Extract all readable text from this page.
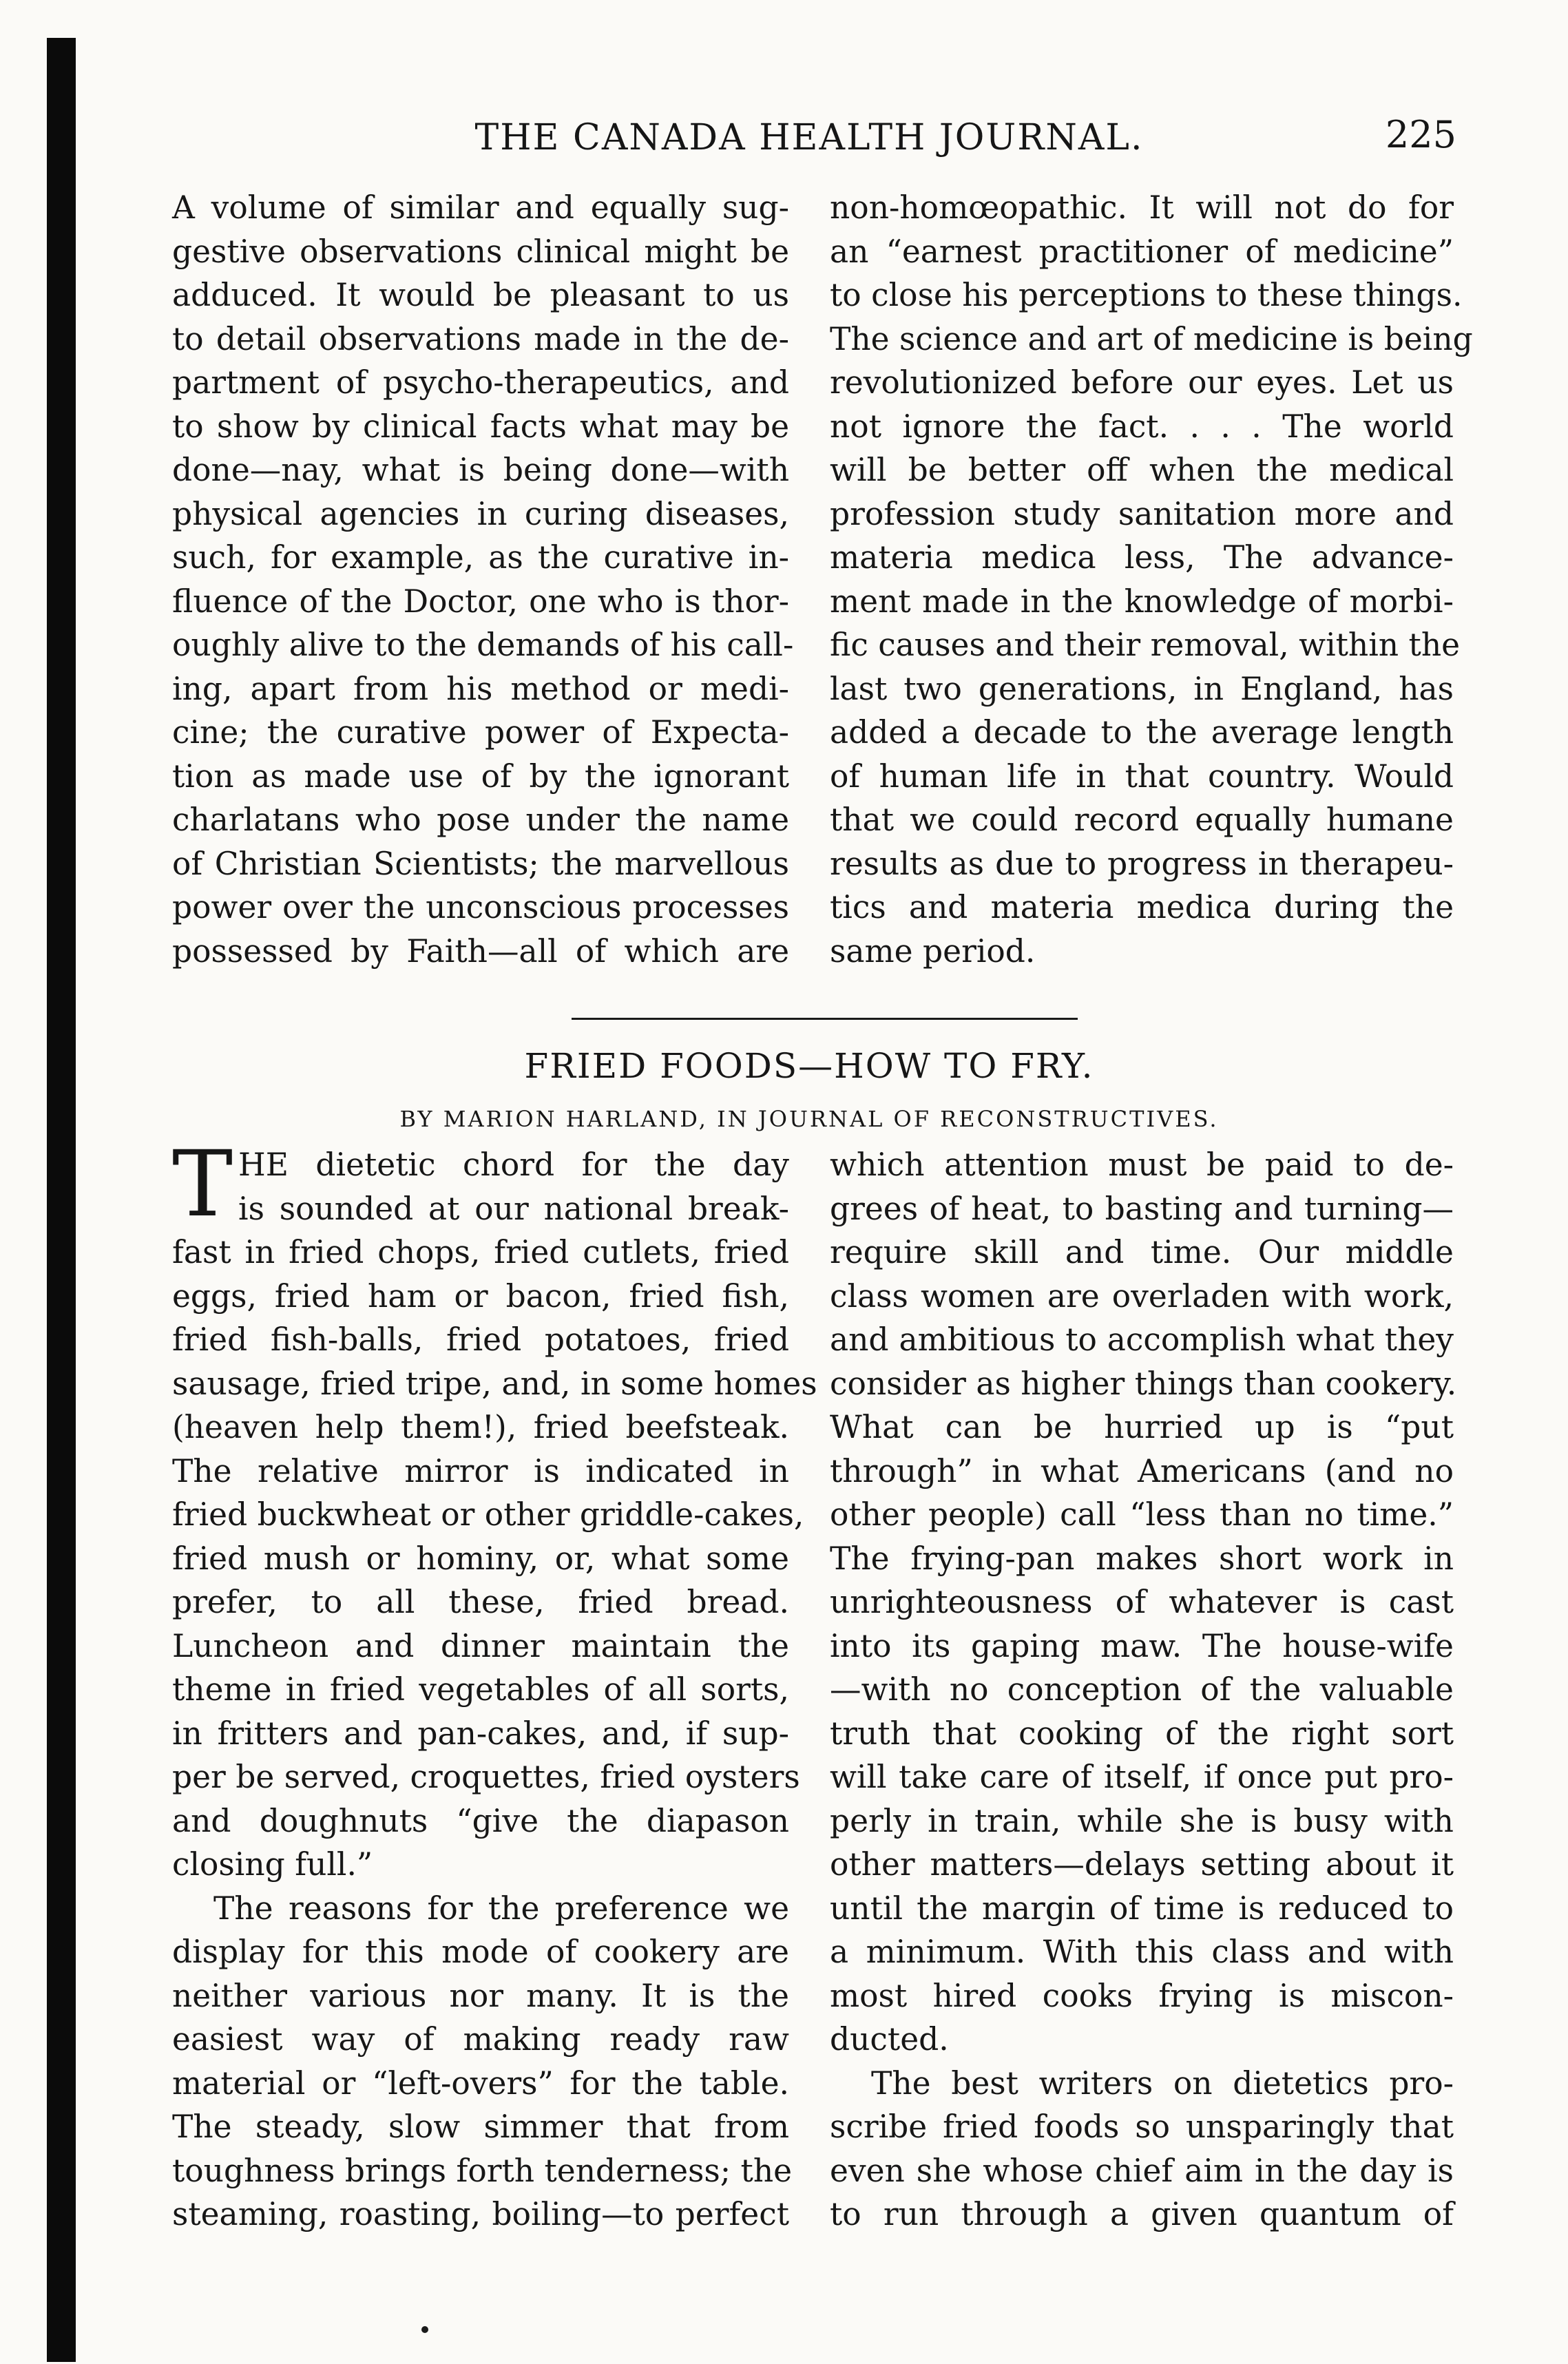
THE CANADA HEALTH JOURNAL.	225
A volume of similar and equally sug-
gestive observations clinical might be
adduced. It would be pleasant to us
to detail observations made in the de-
partment of psycho-therapeutics, and
to show by clinical facts what may be
done—nay, what is being done—with
physical agencies in curing diseases,
such, for example, as the curative in-
fluence of the Doctor, one who is thor-
oughly alive to the demands of his call-
ing, apart from his method or medi-
cine; the curative power of Expecta-
tion as made use of by the ignorant
charlatans who pose under the name
of Christian Scientists; the marvellous
power over the unconscious processes
possessed by Faith—all of which are
non-homœopathic. It will not do for
an “earnest practitioner of medicine”
to close his perceptions to these things.
The science and art of medicine is being
revolutionized before our eyes. Let us
not ignore the fact. . . . The world
will be better off when the medical
profession study sanitation more and
materia medica less, The advance-
ment made in the knowledge of morbi-
fic causes and their removal, within the
last two generations, in England, has
added a decade to the average length
of human life in that country. Would
that we could record equally humane
results as due to progress in therapeu-
tics and materia medica during the
same period.
FRIED FOODS—HOW TO FRY.
BY MARION HARLAND, IN JOURNAL OF RECONSTRUCTIVES.
T HE dietetic chord for the day
is sounded at our national break-
fast in fried chops, fried cutlets, fried
eggs, fried ham or bacon, fried fish,
fried fish-balls, fried potatoes, fried
sausage, fried tripe, and, in some homes
(heaven help them!), fried beefsteak.
The relative mirror is indicated in
fried buckwheat or other griddle-cakes,
fried mush or hominy, or, what some
prefer, to all these, fried bread.
Luncheon and dinner maintain the
theme in fried vegetables of all sorts,
in fritters and pan-cakes, and, if sup-
per be served, croquettes, fried oysters
and doughnuts “give the diapason
closing full.”
The reasons for the preference we
display for this mode of cookery are
neither various nor many. It is the
easiest way of making ready raw
material or “left-overs” for the table.
The steady, slow simmer that from
toughness brings forth tenderness; the
steaming, roasting, boiling—to perfect
which attention must be paid to de-
grees of heat, to basting and turning—
require skill and time. Our middle
class women are overladen with work,
and ambitious to accomplish what they
consider as higher things than cookery.
What can be hurried up is “put
through” in what Americans (and no
other people) call “less than no time.”
The frying-pan makes short work in
unrighteousness of whatever is cast
into its gaping maw. The house-wife
—with no conception of the valuable
truth that cooking of the right sort
will take care of itself, if once put pro-
perly in train, while she is busy with
other matters—delays setting about it
until the margin of time is reduced to
a minimum. With this class and with
most hired cooks frying is miscon-
ducted.
The best writers on dietetics pro-
scribe fried foods so unsparingly that
even she whose chief aim in the day is
to run through a given quantum of
